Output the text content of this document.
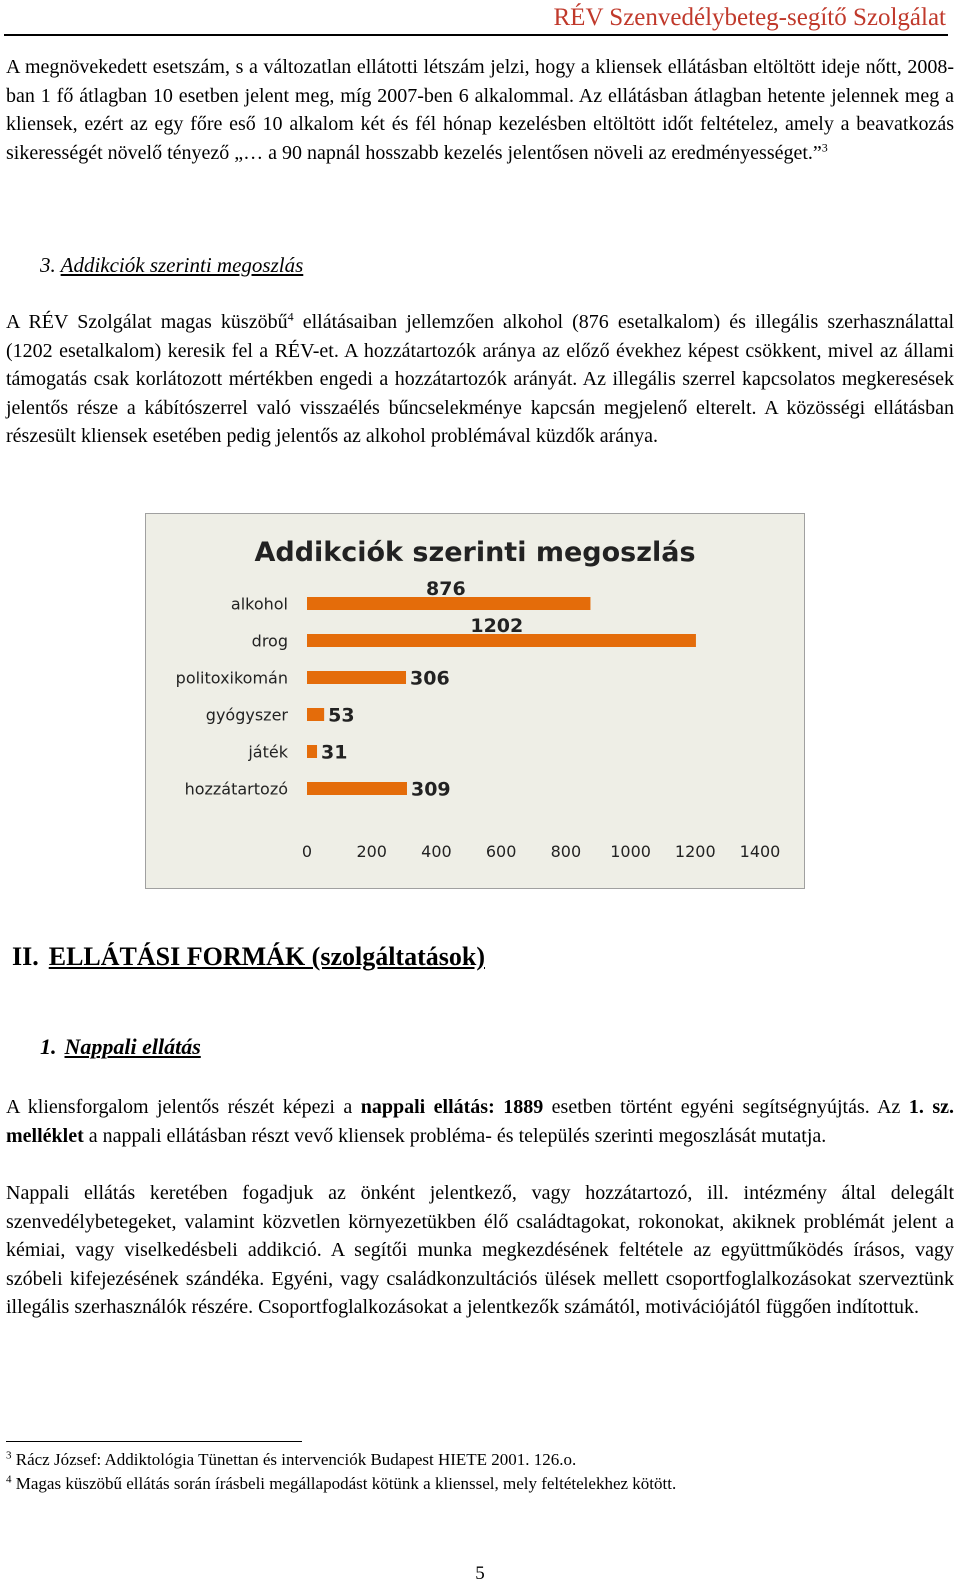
RÉV Szenvedélybeteg-segítő Szolgálat

A megnövekedett esetszám, s a változatlan ellátotti létszám jelzi, hogy a kliensek ellátásban eltöltött ideje nőtt, 2008-ban 1 fő átlagban 10 esetben jelent meg, míg 2007-ben 6 alkalommal. Az ellátásban átlagban hetente jelennek meg a kliensek, ezért az egy főre eső 10 alkalom két és fél hónap kezelésben eltöltött időt feltételez, amely a beavatkozás sikerességét növelő tényező „… a 90 napnál hosszabb kezelés jelentősen növeli az eredményességet.”$^3$

3. Addikciók szerinti megoszlás

A RÉV Szolgálat magas küszöbű$^4$ ellátásaiban jellemzően alkohol (876 esetalkalom) és illegális szerhasználattal (1202 esetalkalom) keresik fel a RÉV-et. A hozzátartozók aránya az előző évekhez képest csökkent, mivel az állami támogatás csak korlátozott mértékben engedi a hozzátartozók arányát. Az illegális szerrel kapcsolatos megkeresések jelentős része a kábítószerrel való visszaélés bűncselekménye kapcsán megjelenő elterelt. A közösségi ellátásban részesült kliensek esetében pedig jelentős az alkohol problémával küzdők aránya.

Addikciók szerinti megoszlás
alkohol
876
drog
1202
politoxikomán	306
gyógyszer 53
játék 31
hozzátartozó	309
0	200 400 600 800 1000 1200 1400
II. ELLÁTÁSI FORMÁK (szolgáltatások)
1. Nappali ellátás

A kliensforgalom jelentős részét képezi a nappali ellátás: 1889 esetben történt egyéni segítségnyújtás. Az 1. sz. melléklet a nappali ellátásban részt vevő kliensek probléma- és település szerinti megoszlását mutatja.

Nappali ellátás keretében fogadjuk az önként jelentkező, vagy hozzátartozó, ill. intézmény által delegált szenvedélybetegeket, valamint közvetlen környezetükben élő családtagokat, rokonokat, akiknek problémát jelent a kémiai, vagy viselkedésbeli addikció. A segítői munka megkezdésének feltétele az együttműködés írásos, vagy szóbeli kifejezésének szándéka. Egyéni, vagy családkonzultációs ülések mellett csoportfoglalkozásokat szerveztünk illegális szerhasználók részére. Csoportfoglalkozásokat a jelentkezők számától, motivációjától függően indítottuk.

$^3$ Rácz József: Addiktológia Tünettan és intervenciók Budapest HIETE 2001. 126.o.
$^4$ Magas küszöbű ellátás során írásbeli megállapodást kötünk a klienssel, mely feltételekhez kötött.
5
